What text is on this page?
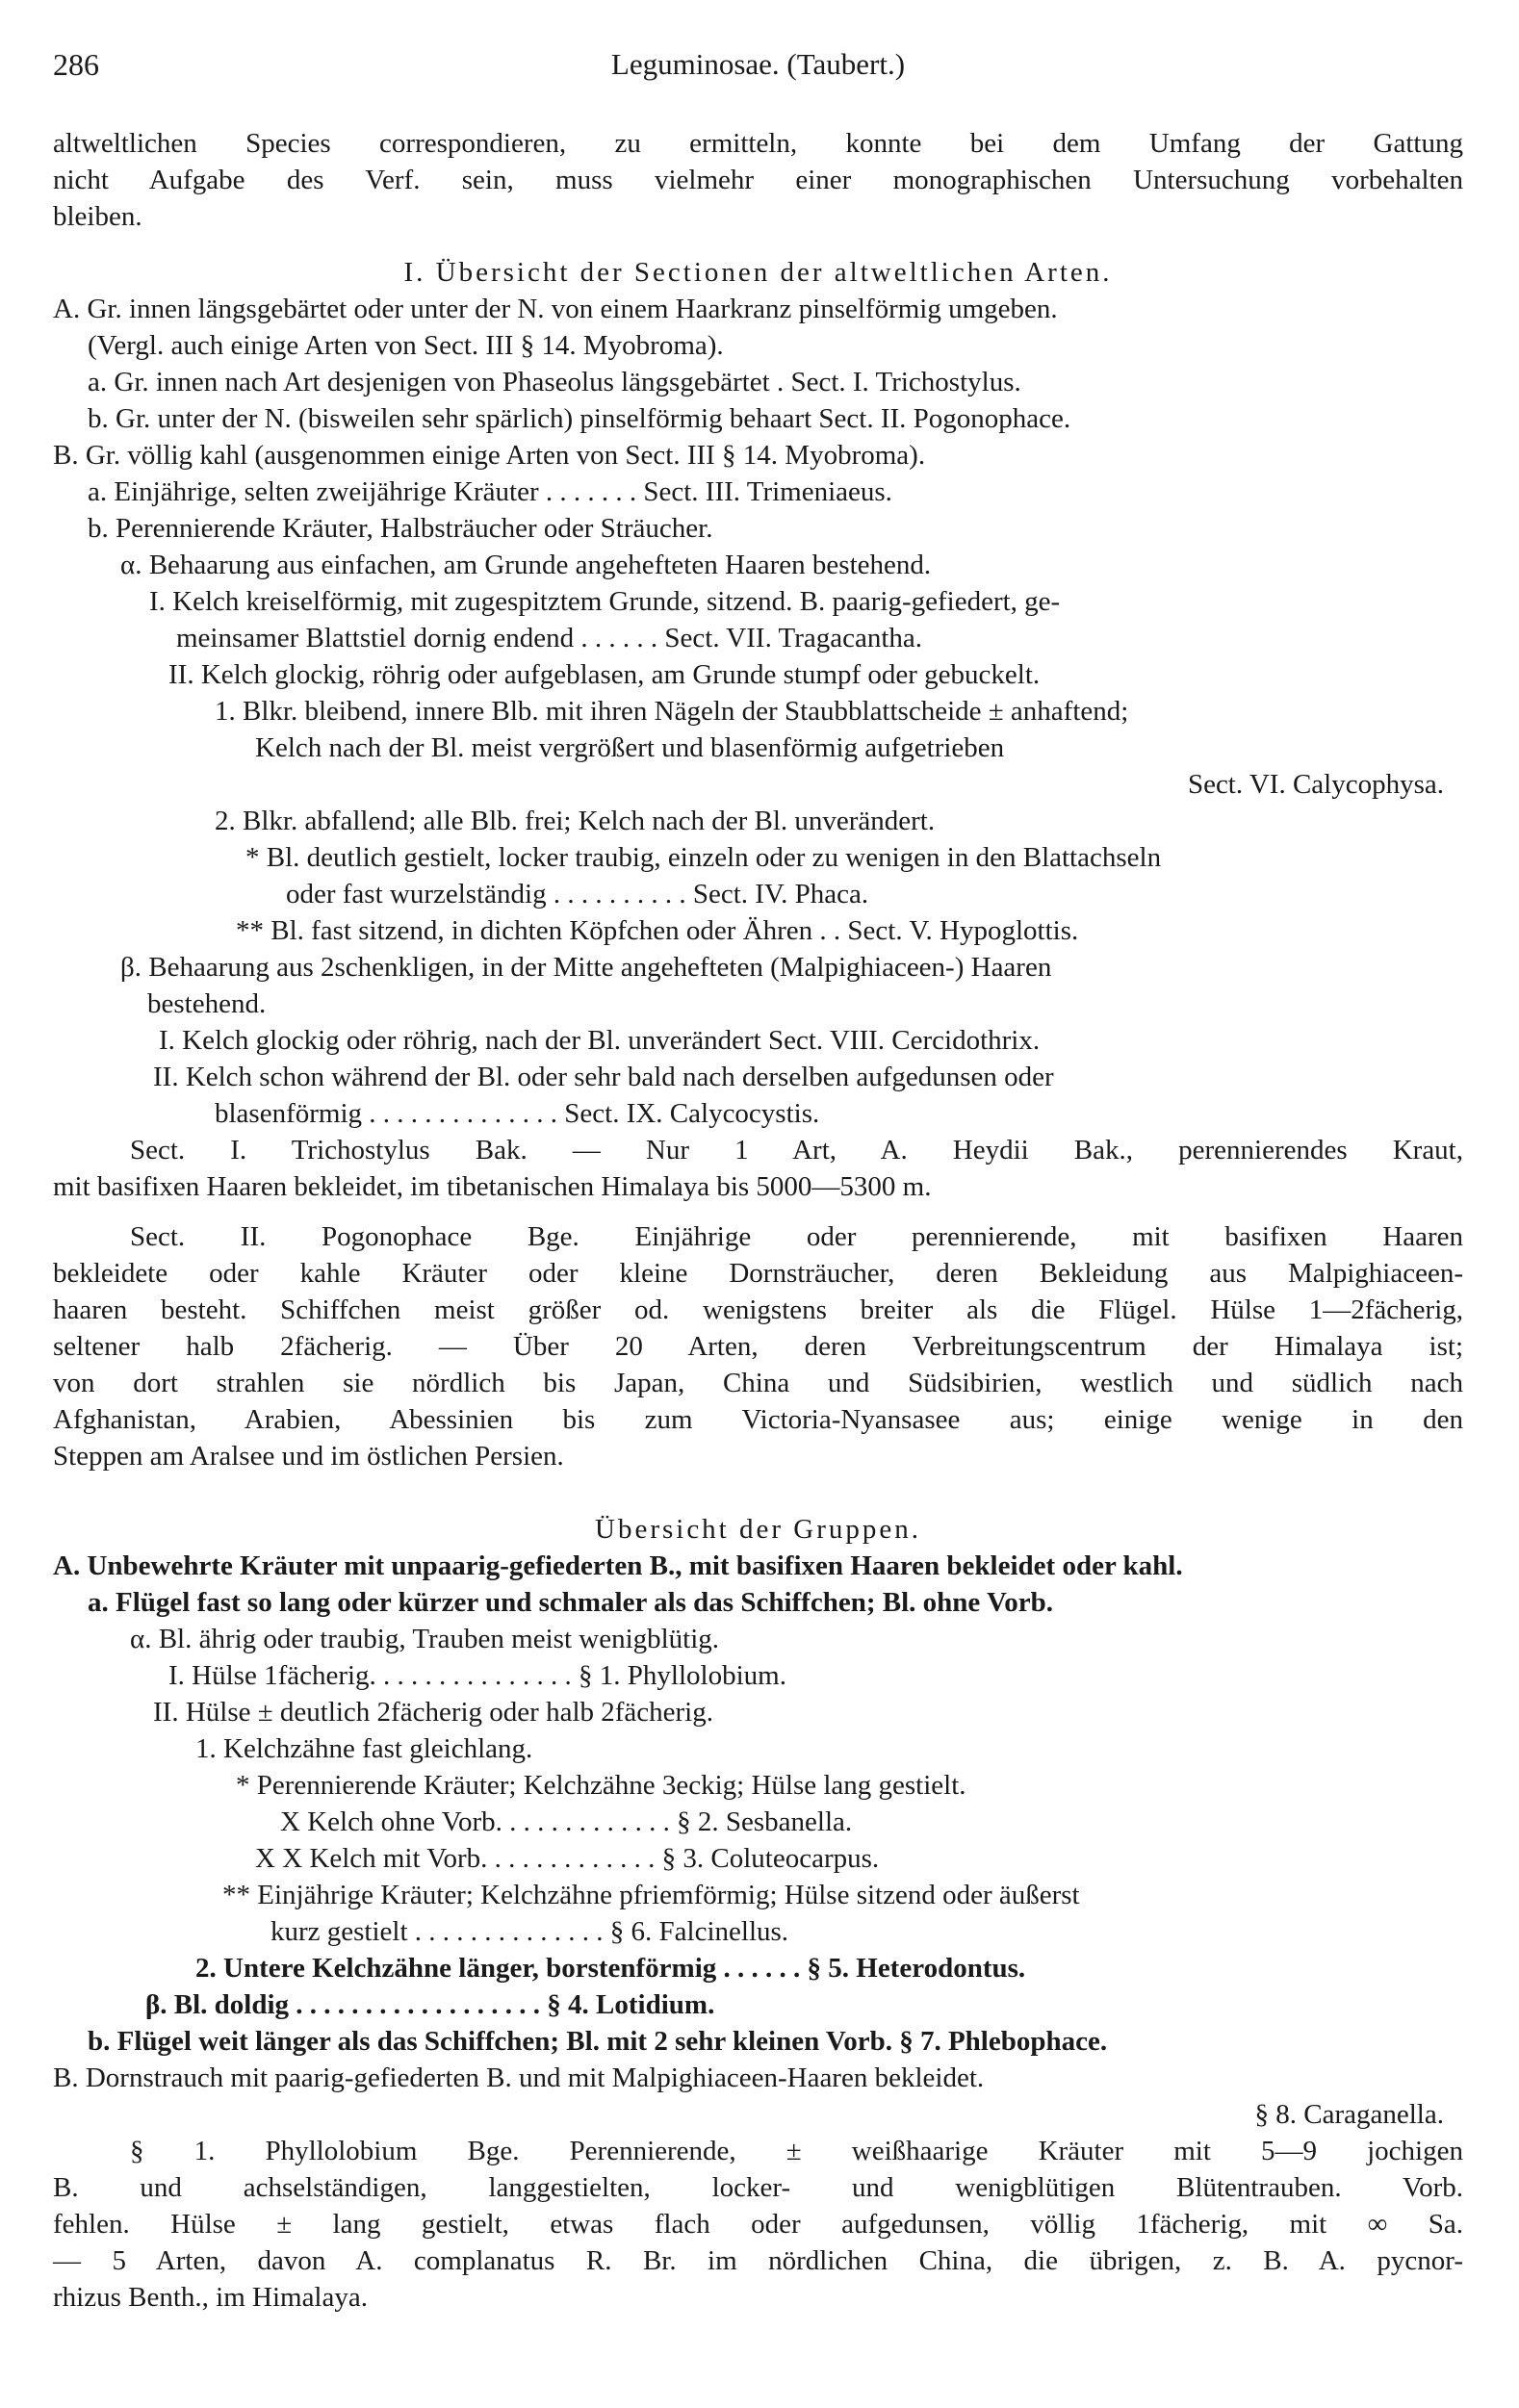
286	Leguminosae. (Taubert.)
altweltlichen Species correspondieren, zu ermitteln, konnte bei dem Umfang der Gattung
nicht Aufgabe des Verf. sein, muss vielmehr einer monographischen Untersuchung vorbehalten
bleiben.
I. Übersicht der Sectionen der altweltlichen Arten.
A. Gr. innen längsgebärtet oder unter der N. von einem Haarkranz pinselförmig umgeben.
(Vergl. auch einige Arten von Sect. III § 14. Myobroma).
a. Gr. innen nach Art desjenigen von Phaseolus längsgebärtet . Sect. I. Trichostylus.
b. Gr. unter der N. (bisweilen sehr spärlich) pinselförmig behaart Sect. II. Pogonophace.
B. Gr. völlig kahl (ausgenommen einige Arten von Sect. III § 14. Myobroma).
a. Einjährige, selten zweijährige Kräuter . . . . . . . Sect. III. Trimeniaeus.
b. Perennierende Kräuter, Halbsträucher oder Sträucher.
α. Behaarung aus einfachen, am Grunde angehefteten Haaren bestehend.
I. Kelch kreiselförmig, mit zugespitztem Grunde, sitzend. B. paarig-gefiedert, ge-
meinsamer Blattstiel dornig endend . . . . . . Sect. VII. Tragacantha.
II. Kelch glockig, röhrig oder aufgeblasen, am Grunde stumpf oder gebuckelt.
1. Blkr. bleibend, innere Blb. mit ihren Nägeln der Staubblattscheide ± anhaftend;
Kelch nach der Bl. meist vergrößert und blasenförmig aufgetrieben
Sect. VI. Calycophysa.
2. Blkr. abfallend; alle Blb. frei; Kelch nach der Bl. unverändert.
* Bl. deutlich gestielt, locker traubig, einzeln oder zu wenigen in den Blattachseln
oder fast wurzelständig . . . . . . . . . . Sect. IV. Phaca.
** Bl. fast sitzend, in dichten Köpfchen oder Ähren . . Sect. V. Hypoglottis.
β. Behaarung aus 2schenkligen, in der Mitte angehefteten (Malpighiaceen-) Haaren
bestehend.
I. Kelch glockig oder röhrig, nach der Bl. unverändert Sect. VIII. Cercidothrix.
II. Kelch schon während der Bl. oder sehr bald nach derselben aufgedunsen oder
blasenförmig . . . . . . . . . . . . . . Sect. IX. Calycocystis.
Sect. I. Trichostylus Bak. — Nur 1 Art, A. Heydii Bak., perennierendes Kraut,
mit basifixen Haaren bekleidet, im tibetanischen Himalaya bis 5000—5300 m.
Sect. II. Pogonophace Bge. Einjährige oder perennierende, mit basifixen Haaren
bekleidete oder kahle Kräuter oder kleine Dornsträucher, deren Bekleidung aus Malpighiaceen-
haaren besteht. Schiffchen meist größer od. wenigstens breiter als die Flügel. Hülse 1—2fächerig,
seltener halb 2fächerig. — Über 20 Arten, deren Verbreitungscentrum der Himalaya ist;
von dort strahlen sie nördlich bis Japan, China und Südsibirien, westlich und südlich nach
Afghanistan, Arabien, Abessinien bis zum Victoria-Nyansasee aus; einige wenige in den
Steppen am Aralsee und im östlichen Persien.
Übersicht der Gruppen.
A. Unbewehrte Kräuter mit unpaarig-gefiederten B., mit basifixen Haaren bekleidet oder kahl.
a. Flügel fast so lang oder kürzer und schmaler als das Schiffchen; Bl. ohne Vorb.
α. Bl. ährig oder traubig, Trauben meist wenigblütig.
I. Hülse 1fächerig. . . . . . . . . . . . . . . § 1. Phyllolobium.
II. Hülse ± deutlich 2fächerig oder halb 2fächerig.
1. Kelchzähne fast gleichlang.
* Perennierende Kräuter; Kelchzähne 3eckig; Hülse lang gestielt.
X Kelch ohne Vorb. . . . . . . . . . . . . § 2. Sesbanella.
X X Kelch mit Vorb. . . . . . . . . . . . . § 3. Coluteocarpus.
** Einjährige Kräuter; Kelchzähne pfriemförmig; Hülse sitzend oder äußerst
kurz gestielt . . . . . . . . . . . . . . § 6. Falcinellus.
2. Untere Kelchzähne länger, borstenförmig . . . . . . § 5. Heterodontus.
β. Bl. doldig . . . . . . . . . . . . . . . . . . § 4. Lotidium.
b. Flügel weit länger als das Schiffchen; Bl. mit 2 sehr kleinen Vorb. § 7. Phlebophace.
B. Dornstrauch mit paarig-gefiederten B. und mit Malpighiaceen-Haaren bekleidet.
§ 8. Caraganella.
§ 1. Phyllolobium Bge. Perennierende, ± weißhaarige Kräuter mit 5—9 jochigen
B. und achselständigen, langgestielten, locker- und wenigblütigen Blütentrauben. Vorb.
fehlen. Hülse ± lang gestielt, etwas flach oder aufgedunsen, völlig 1fächerig, mit ∞ Sa.
— 5 Arten, davon A. complanatus R. Br. im nördlichen China, die übrigen, z. B. A. pycnor-
rhizus Benth., im Himalaya.
